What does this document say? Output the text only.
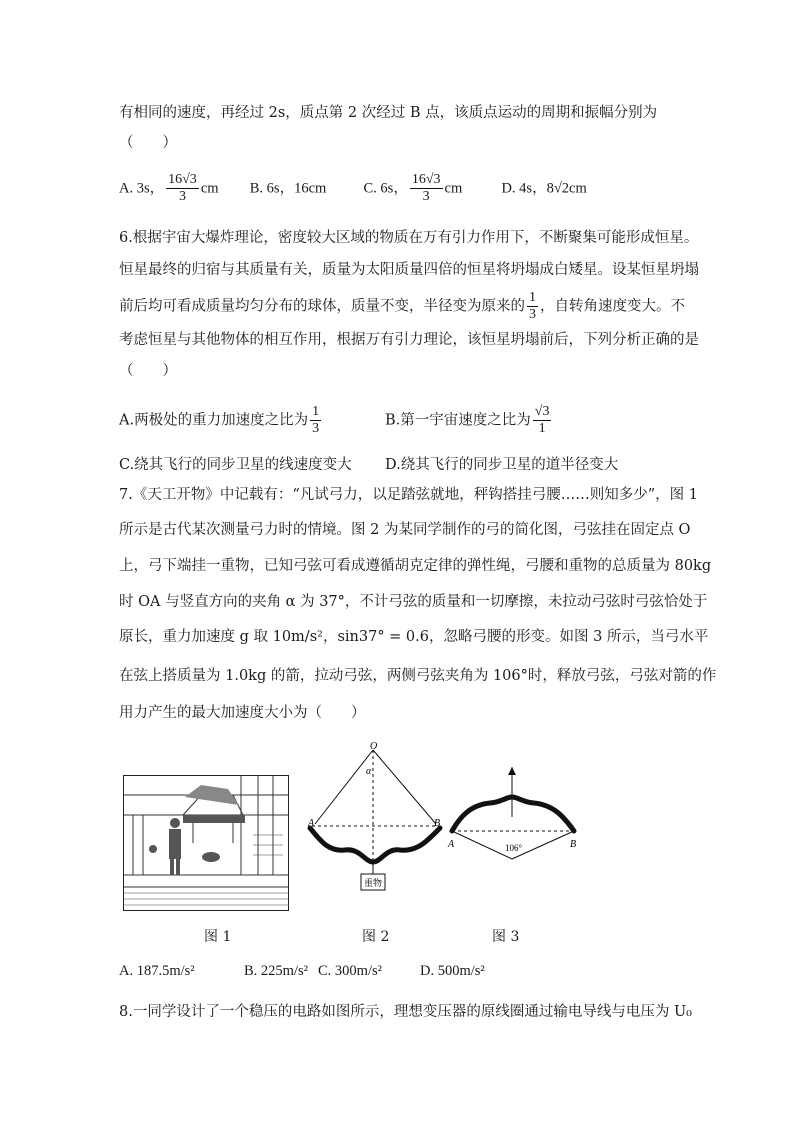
有相同的速度，再经过 2s，质点第 2 次经过 B 点，该质点运动的周期和振幅分别为
（　　）
A. 3s， $\frac{16√3}{3}$ cm B. 6s，16cm	C. 6s， $\frac{16√3}{3}$ cm	D. 4s，8√2cm
6.根据宇宙大爆炸理论，密度较大区域的物质在万有引力作用下，不断聚集可能形成恒星。
恒星最终的归宿与其质量有关，质量为太阳质量四倍的恒星将坍塌成白矮星。设某恒星坍塌
前后均可看成质量均匀分布的球体，质量不变，半径变为原来的 $\frac{1}{3}$ ，自转角速度变大。不
考虑恒星与其他物体的相互作用，根据万有引力理论，该恒星坍塌前后，下列分析正确的是
（　　）
A.两极处的重力加速度之比为 $\frac{1}{3}$	B.第一宇宙速度之比为 $\frac{√3}{1}$
C.绕其飞行的同步卫星的线速度变大 D.绕其飞行的同步卫星的道半径变大
7.《天工开物》中记载有：“凡试弓力，以足踏弦就地，秤钩搭挂弓腰……则知多少”，图 1
所示是古代某次测量弓力时的情境。图 2 为某同学制作的弓的简化图，弓弦挂在固定点 O
上，弓下端挂一重物，已知弓弦可看成遵循胡克定律的弹性绳，弓腰和重物的总质量为 80kg
时 OA 与竖直方向的夹角 α 为 37°，不计弓弦的质量和一切摩擦，未拉动弓弦时弓弦恰处于
原长，重力加速度 g 取 10m/s²，sin37° = 0.6，忽略弓腰的形变。如图 3 所示，当弓水平
在弦上搭质量为 1.0kg 的箭，拉动弓弦，两侧弓弦夹角为 106°时，释放弓弦，弓弦对箭的作
用力产生的最大加速度大小为（　　）
重物
O
α
A	B
A	B
106°
图 1	图 2	图 3
A. 187.5m/s²	B. 225m/s² C. 300m/s²	D. 500m/s²
8.一同学设计了一个稳压的电路如图所示，理想变压器的原线圈通过输电导线与电压为 U₀
